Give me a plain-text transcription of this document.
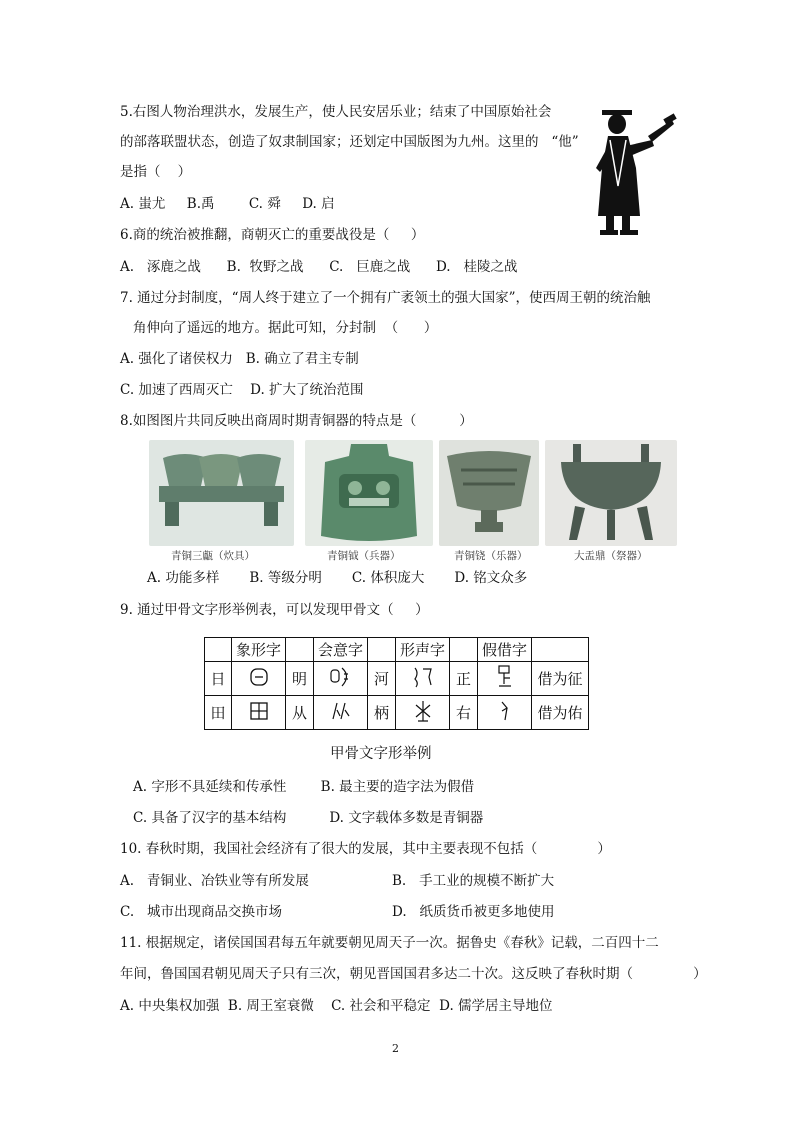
5.右图人物治理洪水，发展生产，使人民安居乐业；结束了中国原始社会
的部落联盟状态，创造了奴隶制国家；还划定中国版图为九州。这里的   “他”
是指（    ）
A. 蚩尤     B.禹        C. 舜     D. 启
6.商的统治被推翻，商朝灭亡的重要战役是（     ）
A.   涿鹿之战      B.  牧野之战      C.   巨鹿之战      D.   桂陵之战
7. 通过分封制度，“周人终于建立了一个拥有广袤领土的强大国家”，使西周王朝的统治触
角伸向了遥远的地方。据此可知，分封制  （      ）
A. 强化了诸侯权力   B. 确立了君主专制
C. 加速了西周灭亡    D. 扩大了统治范围
8.如图图片共同反映出商周时期青铜器的特点是（          ）
青铜三甗（炊具）	青铜钺（兵器）	青铜铙（乐器）	大盂鼎（祭器）
A. 功能多样       B. 等级分明       C. 体积庞大       D. 铭文众多
9. 通过甲骨文字形举例表，可以发现甲骨文（     ）
	象形字		会意字		形声字		假借字	
日		明		河		正		借为征
田		从		柄		右		借为佑
甲骨文字形举例
A. 字形不具延续和传承性        B. 最主要的造字法为假借
C. 具备了汉字的基本结构          D. 文字载体多数是青铜器
10. 春秋时期，我国社会经济有了很大的发展，其中主要表现不包括（              ）
A.   青铜业、冶铁业等有所发展	B.   手工业的规模不断扩大
C.   城市出现商品交换市场	D.   纸质货币被更多地使用
11. 根据规定，诸侯国国君每五年就要朝见周天子一次。据鲁史《春秋》记载，二百四十二
年间，鲁国国君朝见周天子只有三次，朝见晋国国君多达二十次。这反映了春秋时期（              ）
A. 中央集权加强  B. 周王室衰微    C. 社会和平稳定  D. 儒学居主导地位
2
